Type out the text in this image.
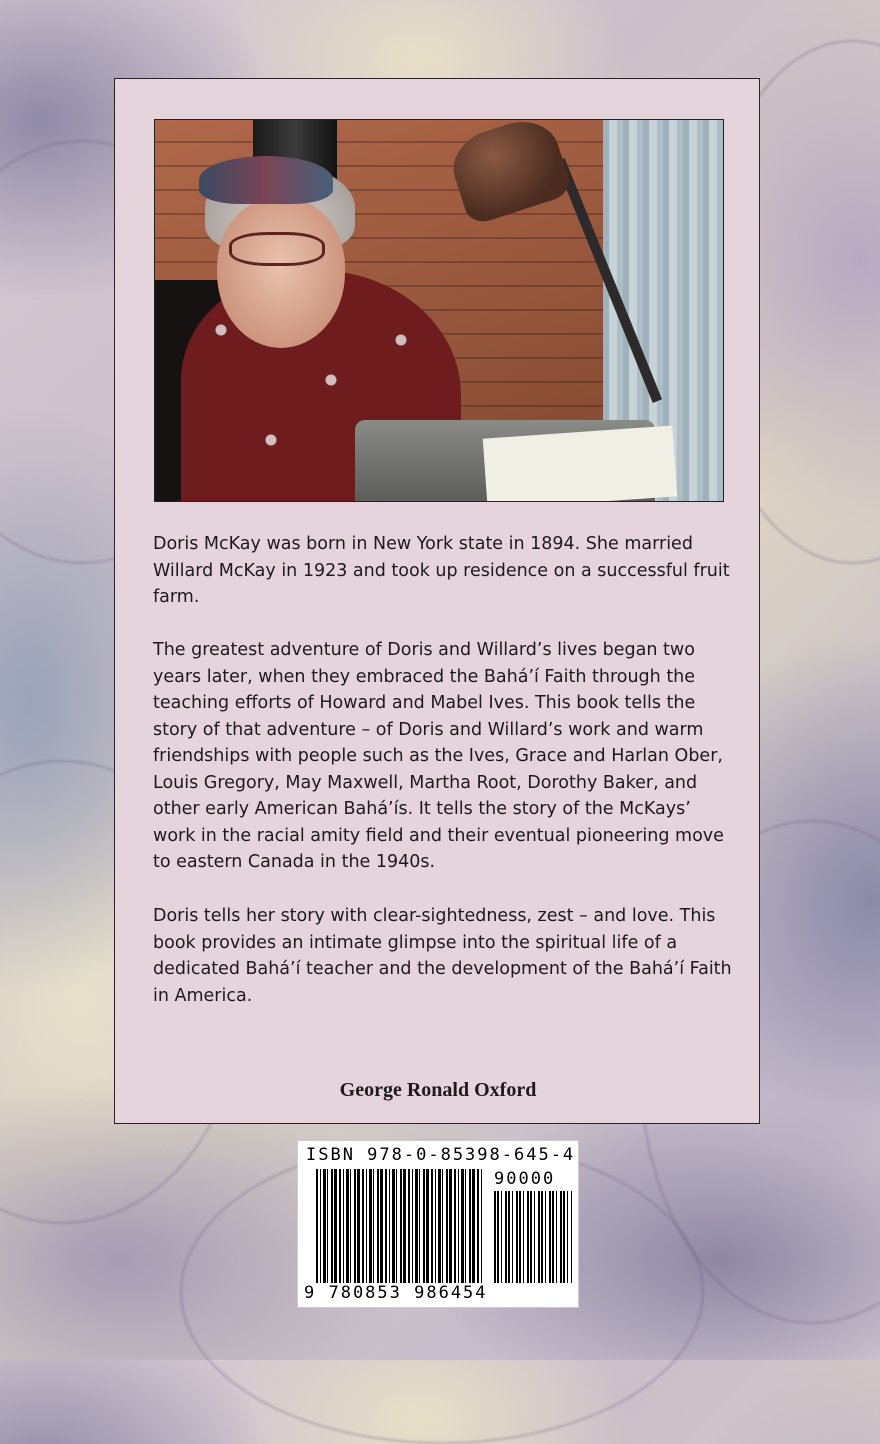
Doris McKay was born in New York state in 1894. She married Willard McKay in 1923 and took up residence on a successful fruit farm.
The greatest adventure of Doris and Willard’s lives began two years later, when they embraced the Bahá’í Faith through the teaching efforts of Howard and Mabel Ives. This book tells the story of that adventure – of Doris and Willard’s work and warm friendships with people such as the Ives, Grace and Harlan Ober, Louis Gregory, May Maxwell, Martha Root, Dorothy Baker, and other early American Bahá’ís. It tells the story of the McKays’ work in the racial amity field and their eventual pioneering move to eastern Canada in the 1940s.
Doris tells her story with clear-sightedness, zest – and love. This book provides an intimate glimpse into the spiritual life of a dedicated Bahá’í teacher and the development of the Bahá’í Faith in America.
George Ronald Oxford
ISBN 978-0-85398-645-4
90000
9 780853 986454
